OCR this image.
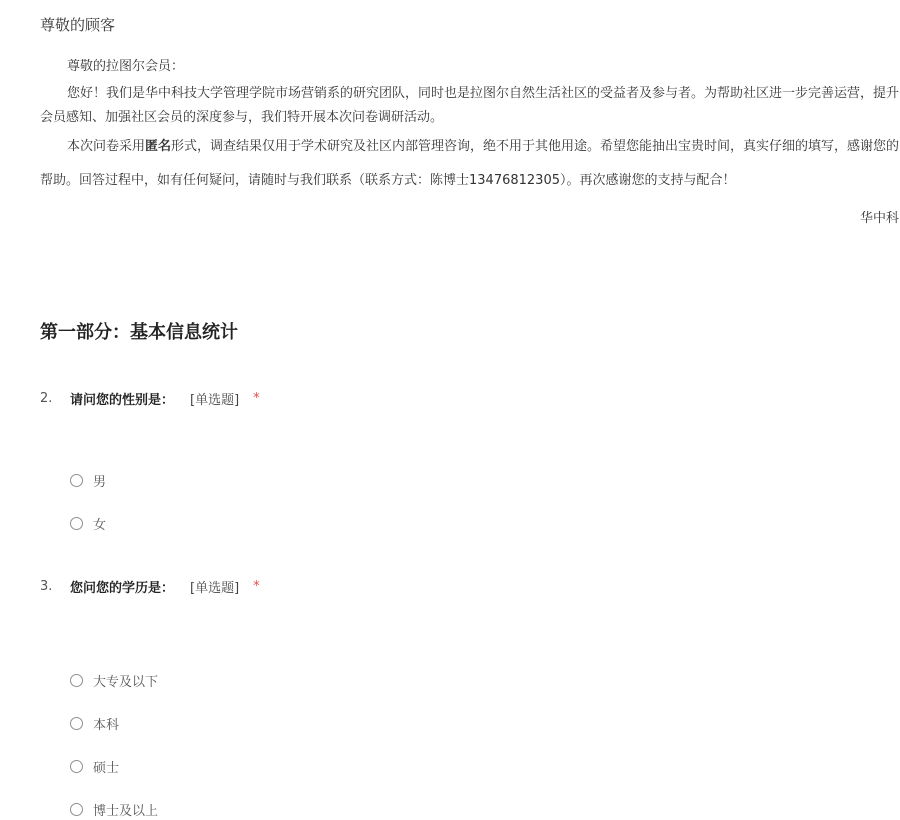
尊敬的顾客
尊敬的拉图尔会员：

您好！我们是华中科技大学管理学院市场营销系的研究团队，同时也是拉图尔自然生活社区的受益者及参与者。为帮助社区进一步完善运营，提升会员感知、加强社区会员的深度参与，我们特开展本次问卷调研活动。

本次问卷采用匿名形式，调查结果仅用于学术研究及社区内部管理咨询，绝不用于其他用途。希望您能抽出宝贵时间，真实仔细的填写，感谢您的帮助。回答过程中，如有任何疑问，请随时与我们联系（联系方式：陈博士13476812305）。再次感谢您的支持与配合！

华中科
第一部分：基本信息统计
2.	请问您的性别是： [单选题] *
男
女
3.	您问您的学历是： [单选题] *
大专及以下
本科
硕士
博士及以上
